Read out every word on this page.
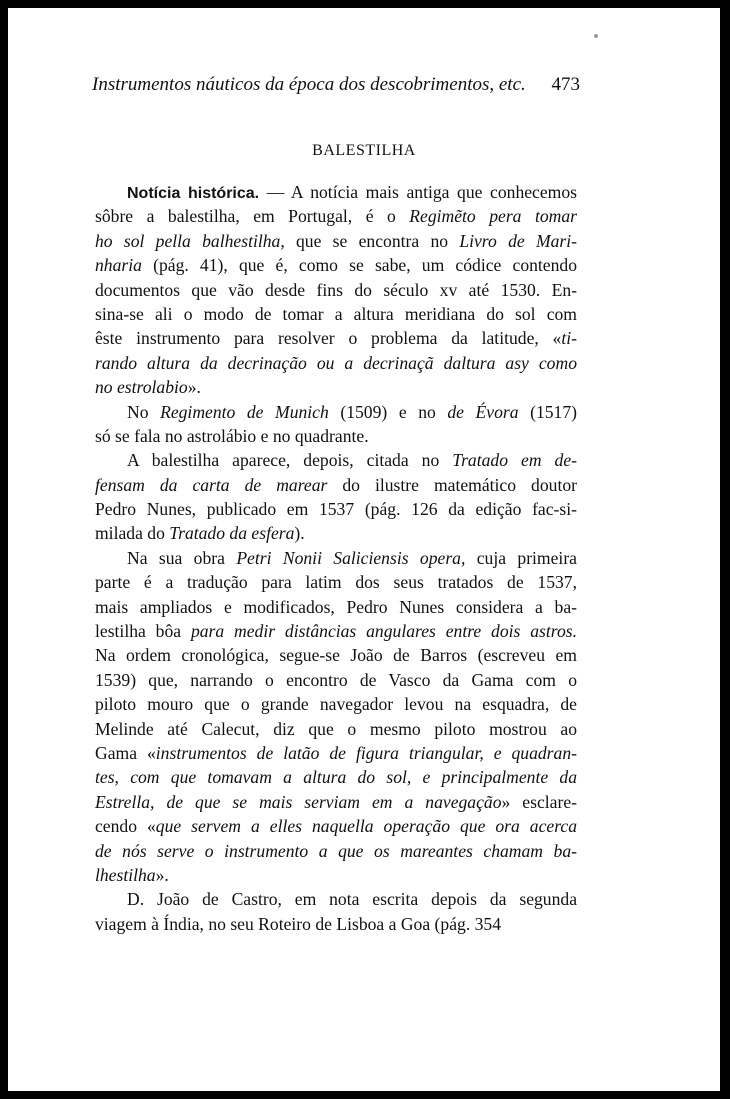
Instrumentos náuticos da época dos descobrimentos, etc. 473
BALESTILHA
Notícia histórica. — A notícia mais antiga que conhecemos
sôbre a balestilha, em Portugal, é o Regimẽto pera tomar
ho sol pella balhestilha, que se encontra no Livro de Mari-
nharia (pág. 41), que é, como se sabe, um códice contendo
documentos que vão desde fins do século xv até 1530. En-
sina-se ali o modo de tomar a altura meridiana do sol com
êste instrumento para resolver o problema da latitude, «ti-
rando altura da decrinação ou a decrinaçã daltura asy como
no estrolabio».
No Regimento de Munich (1509) e no de Évora (1517)
só se fala no astrolábio e no quadrante.
A balestilha aparece, depois, citada no Tratado em de-
fensam da carta de marear do ilustre matemático doutor
Pedro Nunes, publicado em 1537 (pág. 126 da edição fac-si-
milada do Tratado da esfera).
Na sua obra Petri Nonii Saliciensis opera, cuja primeira
parte é a tradução para latim dos seus tratados de 1537,
mais ampliados e modificados, Pedro Nunes considera a ba-
lestilha bôa para medir distâncias angulares entre dois astros.
Na ordem cronológica, segue-se João de Barros (escreveu em
1539) que, narrando o encontro de Vasco da Gama com o
piloto mouro que o grande navegador levou na esquadra, de
Melinde até Calecut, diz que o mesmo piloto mostrou ao
Gama «instrumentos de latão de figura triangular, e quadran-
tes, com que tomavam a altura do sol, e principalmente da
Estrella, de que se mais serviam em a navegação» esclare-
cendo «que servem a elles naquella operação que ora acerca
de nós serve o instrumento a que os mareantes chamam ba-
lhestilha».
D. João de Castro, em nota escrita depois da segunda
viagem à Índia, no seu Roteiro de Lisboa a Goa (pág. 354
